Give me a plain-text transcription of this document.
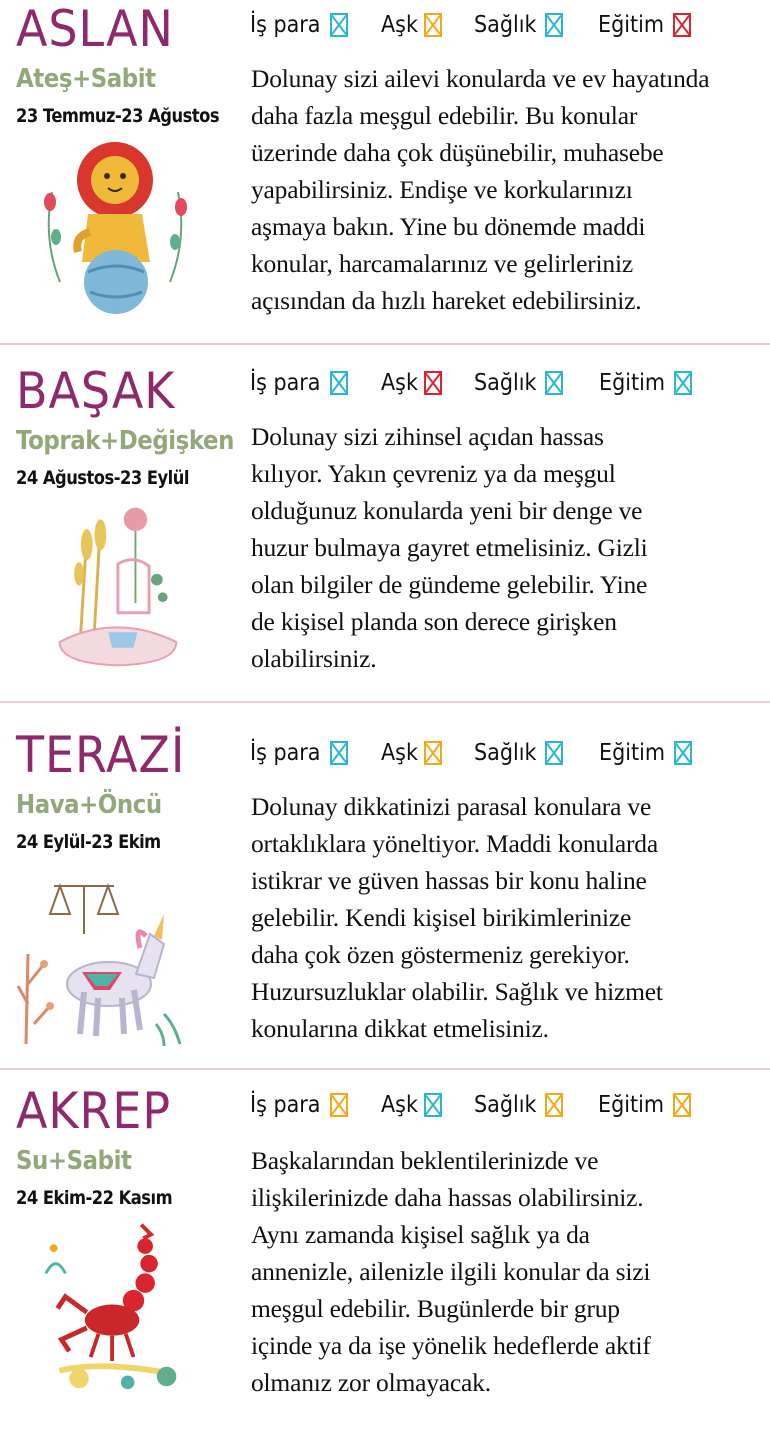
ASLAN
Ateş+Sabit
23 Temmuz-23 Ağustos
İş para	Aşk Sağlık	Eğitim

Dolunay sizi ailevi konularda ve ev hayatında
daha fazla meşgul edebilir. Bu konular
üzerinde daha çok düşünebilir, muhasebe
yapabilirsiniz. Endişe ve korkularınızı
aşmaya bakın. Yine bu dönemde maddi
konular, harcamalarınız ve gelirleriniz
açısından da hızlı hareket edebilirsiniz.

BAŞAK
Toprak+Değişken
24 Ağustos-23 Eylül
İş para	Aşk Sağlık	Eğitim

Dolunay sizi zihinsel açıdan hassas
kılıyor. Yakın çevreniz ya da meşgul
olduğunuz konularda yeni bir denge ve
huzur bulmaya gayret etmelisiniz. Gizli
olan bilgiler de gündeme gelebilir. Yine
de kişisel planda son derece girişken
olabilirsiniz.

TERAZİ
Hava+Öncü
24 Eylül-23 Ekim
İş para	Aşk Sağlık	Eğitim

Dolunay dikkatinizi parasal konulara ve
ortaklıklara yöneltiyor. Maddi konularda
istikrar ve güven hassas bir konu haline
gelebilir. Kendi kişisel birikimlerinize
daha çok özen göstermeniz gerekiyor.
Huzursuzluklar olabilir. Sağlık ve hizmet
konularına dikkat etmelisiniz.

AKREP
Su+Sabit
24 Ekim-22 Kasım
İş para	Aşk Sağlık	Eğitim

Başkalarından beklentilerinizde ve
ilişkilerinizde daha hassas olabilirsiniz.
Aynı zamanda kişisel sağlık ya da
annenizle, ailenizle ilgili konular da sizi
meşgul edebilir. Bugünlerde bir grup
içinde ya da işe yönelik hedeflerde aktif
olmanız zor olmayacak.
